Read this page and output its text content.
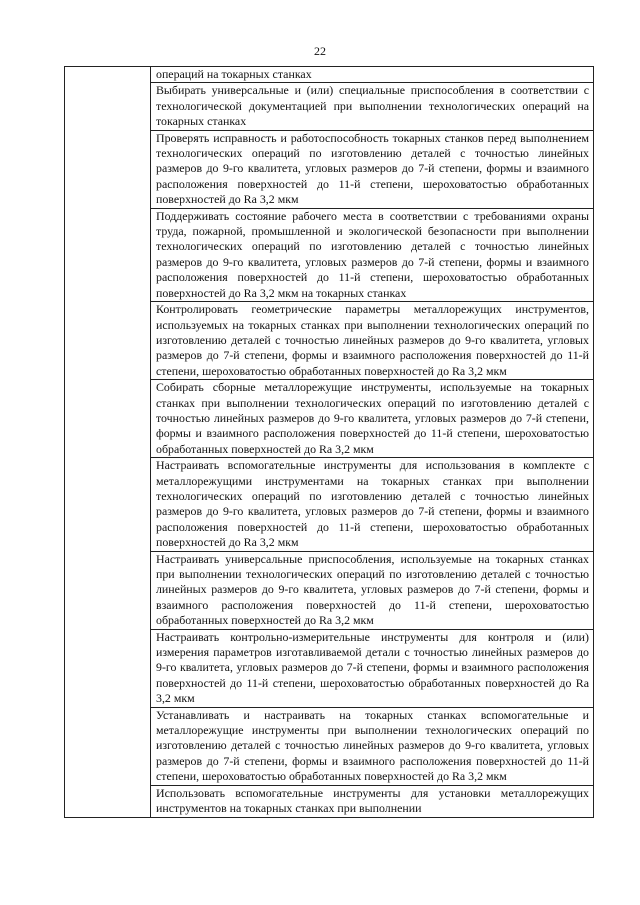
22
	операций на токарных станках
Выбирать универсальные и (или) специальные приспособления в соответствии с технологической документацией при выполнении технологических операций на токарных станках
Проверять исправность и работоспособность токарных станков перед выполнением технологических операций по изготовлению деталей с точностью линейных размеров до 9-го квалитета, угловых размеров до 7-й степени, формы и взаимного расположения поверхностей до 11-й степени, шероховатостью обработанных поверхностей до Ra 3,2 мкм
Поддерживать состояние рабочего места в соответствии с требованиями охраны труда, пожарной, промышленной и экологической безопасности при выполнении технологических операций по изготовлению деталей с точностью линейных размеров до 9-го квалитета, угловых размеров до 7-й степени, формы и взаимного расположения поверхностей до 11-й степени, шероховатостью обработанных поверхностей до Ra 3,2 мкм на токарных станках
Контролировать геометрические параметры металлорежущих инструментов, используемых на токарных станках при выполнении технологических операций по изготовлению деталей с точностью линейных размеров до 9-го квалитета, угловых размеров до 7-й степени, формы и взаимного расположения поверхностей до 11-й степени, шероховатостью обработанных поверхностей до Ra 3,2 мкм
Собирать сборные металлорежущие инструменты, используемые на токарных станках при выполнении технологических операций по изготовлению деталей с точностью линейных размеров до 9-го квалитета, угловых размеров до 7-й степени, формы и взаимного расположения поверхностей до 11-й степени, шероховатостью обработанных поверхностей до Ra 3,2 мкм
Настраивать вспомогательные инструменты для использования в комплекте с металлорежущими инструментами на токарных станках при выполнении технологических операций по изготовлению деталей с точностью линейных размеров до 9-го квалитета, угловых размеров до 7-й степени, формы и взаимного расположения поверхностей до 11-й степени, шероховатостью обработанных поверхностей до Ra 3,2 мкм
Настраивать универсальные приспособления, используемые на токарных станках при выполнении технологических операций по изготовлению деталей с точностью линейных размеров до 9-го квалитета, угловых размеров до 7-й степени, формы и взаимного расположения поверхностей до 11-й степени, шероховатостью обработанных поверхностей до Ra 3,2 мкм
Настраивать контрольно-измерительные инструменты для контроля и (или) измерения параметров изготавливаемой детали с точностью линейных размеров до 9-го квалитета, угловых размеров до 7-й степени, формы и взаимного расположения поверхностей до 11-й степени, шероховатостью обработанных поверхностей до Ra 3,2 мкм
Устанавливать и настраивать на токарных станках вспомогательные и металлорежущие инструменты при выполнении технологических операций по изготовлению деталей с точностью линейных размеров до 9-го квалитета, угловых размеров до 7-й степени, формы и взаимного расположения поверхностей до 11-й степени, шероховатостью обработанных поверхностей до Ra 3,2 мкм
Использовать вспомогательные инструменты для установки металлорежущих инструментов на токарных станках при выполнении
